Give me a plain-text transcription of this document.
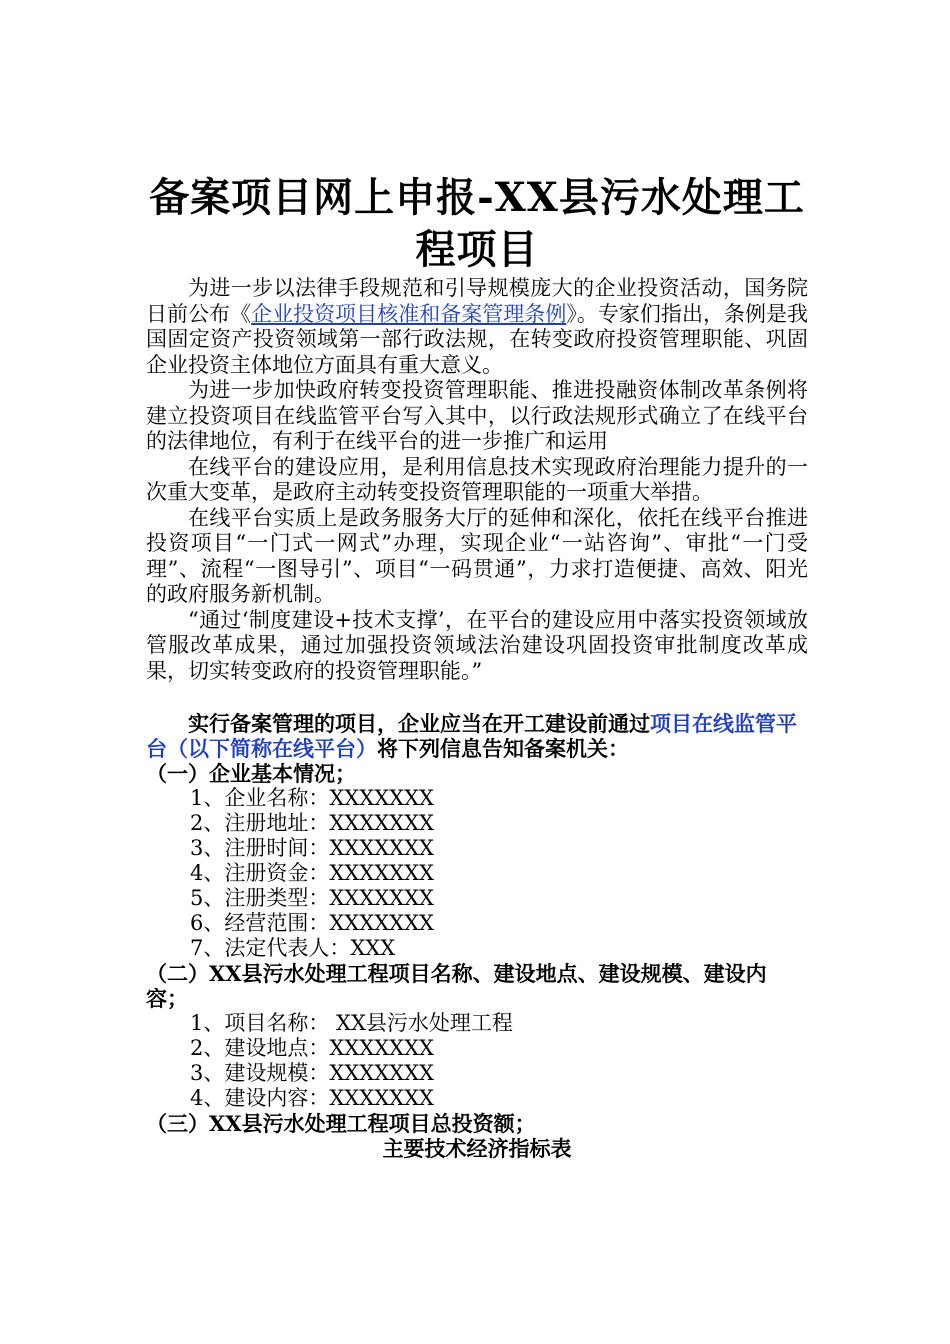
备案项目网上申报-XX县污水处理工程项目

为进一步以法律手段规范和引导规模庞大的企业投资活动，国务院日前公布《企业投资项目核准和备案管理条例》。专家们指出，条例是我国固定资产投资领域第一部行政法规，在转变政府投资管理职能、巩固企业投资主体地位方面具有重大意义。

为进一步加快政府转变投资管理职能、推进投融资体制改革条例将建立投资项目在线监管平台写入其中，以行政法规形式确立了在线平台的法律地位，有利于在线平台的进一步推广和运用

在线平台的建设应用，是利用信息技术实现政府治理能力提升的一次重大变革，是政府主动转变投资管理职能的一项重大举措。

在线平台实质上是政务服务大厅的延伸和深化，依托在线平台推进投资项目“一门式一网式”办理，实现企业“一站咨询”、审批“一门受理”、流程“一图导引”、项目“一码贯通”，力求打造便捷、高效、阳光的政府服务新机制。

“通过‘制度建设+技术支撑’，在平台的建设应用中落实投资领域放管服改革成果，通过加强投资领域法治建设巩固投资审批制度改革成果，切实转变政府的投资管理职能。”

实行备案管理的项目，企业应当在开工建设前通过项目在线监管平台（以下简称在线平台）将下列信息告知备案机关：

（一）企业基本情况；

1、企业名称：XXXXXXX

2、注册地址：XXXXXXX

3、注册时间：XXXXXXX

4、注册资金：XXXXXXX

5、注册类型：XXXXXXX

6、经营范围：XXXXXXX

7、法定代表人：XXX

（二）XX县污水处理工程项目名称、建设地点、建设规模、建设内容；

1、项目名称： XX县污水处理工程

2、建设地点：XXXXXXX

3、建设规模：XXXXXXX

4、建设内容：XXXXXXX

（三）XX县污水处理工程项目总投资额；

主要技术经济指标表
